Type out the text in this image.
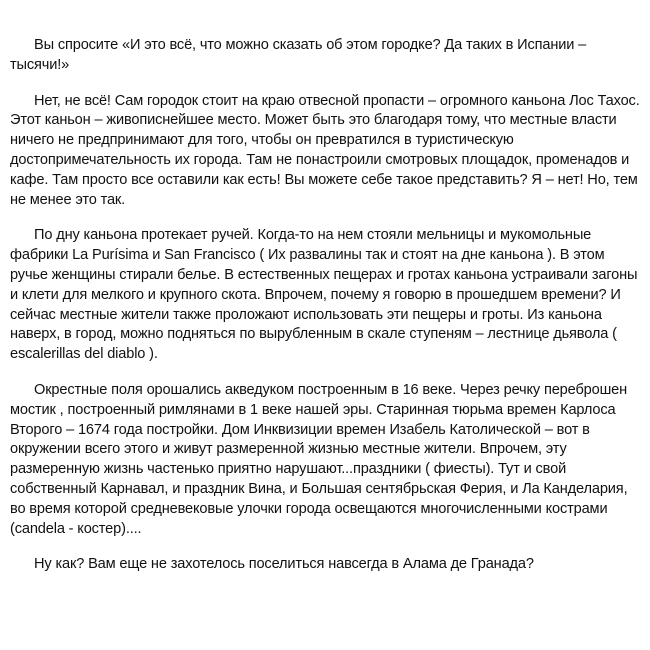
Вы спросите «И это всё, что можно сказать об этом городке? Да таких в Испании – тысячи!»

Нет, не всё! Сам городок стоит на краю отвесной пропасти – огромного каньона Лос Тахос. Этот каньон – живописнейшее место. Может быть это благодаря тому, что местные власти ничего не предпринимают для того, чтобы он превратился в туристическую достопримечательность их города. Там не понастроили смотровых площадок, променадов и кафе. Там просто все оставили как есть! Вы можете себе такое представить? Я – нет! Но, тем не менее это так.

По дну каньона протекает ручей. Когда-то на нем стояли мельницы и мукомольные фабрики La Purísima и San Francisco ( Их развалины так и стоят на дне каньона ). В этом ручье женщины стирали белье. В естественных пещерах и гротах каньона устраивали загоны и клети для мелкого и крупного скота. Впрочем, почему я говорю в прошедшем времени? И сейчас местные жители также проложают использовать эти пещеры и гроты. Из каньона наверх, в город, можно подняться по вырубленным в скале ступеням – лестнице дьявола ( escalerillas del diablo ).

Окрестные поля орошались акведуком построенным в 16 веке. Через речку переброшен мостик , построенный римлянами в 1 веке нашей эры. Старинная тюрьма времен Карлоса Второго – 1674 года постройки. Дом Инквизиции времен Изабель Католической – вот в окружении всего этого и живут размеренной жизнью местные жители. Впрочем, эту размеренную жизнь частенько приятно нарушают...праздники ( фиесты). Тут и свой собственный Карнавал, и праздник Вина, и Большая сентябрьская Ферия, и Ла Канделария, во время которой средневековые улочки города освещаются многочисленными кострами (candela - костер)....

Ну как? Вам еще не захотелось поселиться навсегда в Алама де Гранада?
